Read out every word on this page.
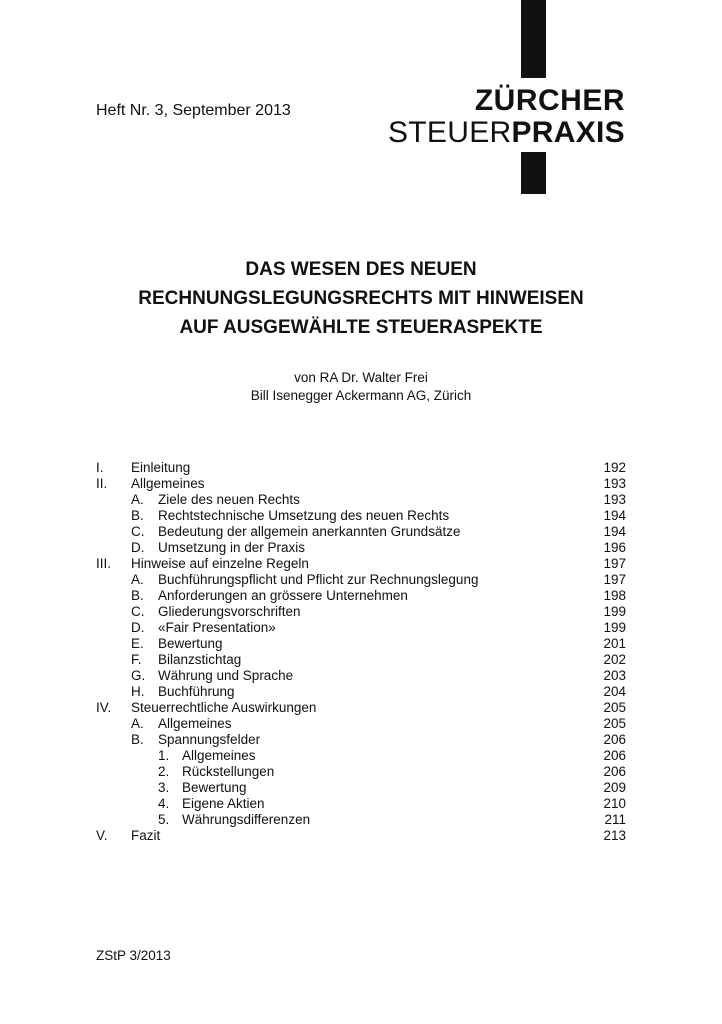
Heft Nr. 3, September 2013	ZÜRCHER
STEUERPRAXIS
DAS WESEN DES NEUEN
RECHNUNGSLEGUNGSRECHTS MIT HINWEISEN
AUF AUSGEWÄHLTE STEUERASPEKTE
von RA Dr. Walter Frei
Bill Isenegger Ackermann AG, Zürich
I. Einleitung	192
II. Allgemeines	193
A. Ziele des neuen Rechts	193
B. Rechtstechnische Umsetzung des neuen Rechts	194
C. Bedeutung der allgemein anerkannten Grundsätze	194
D. Umsetzung in der Praxis	196
III. Hinweise auf einzelne Regeln	197
A. Buchführungspflicht und Pflicht zur Rechnungslegung	197
B. Anforderungen an grössere Unternehmen	198
C. Gliederungsvorschriften	199
D. «Fair Presentation»	199
E. Bewertung	201
F. Bilanzstichtag	202
G. Währung und Sprache	203
H. Buchführung	204
IV. Steuerrechtliche Auswirkungen	205
A. Allgemeines	205
B. Spannungsfelder	206
1. Allgemeines	206
2. Rückstellungen	206
3. Bewertung	209
4. Eigene Aktien	210
5. Währungsdifferenzen	211
V. Fazit	213
ZStP 3/2013
